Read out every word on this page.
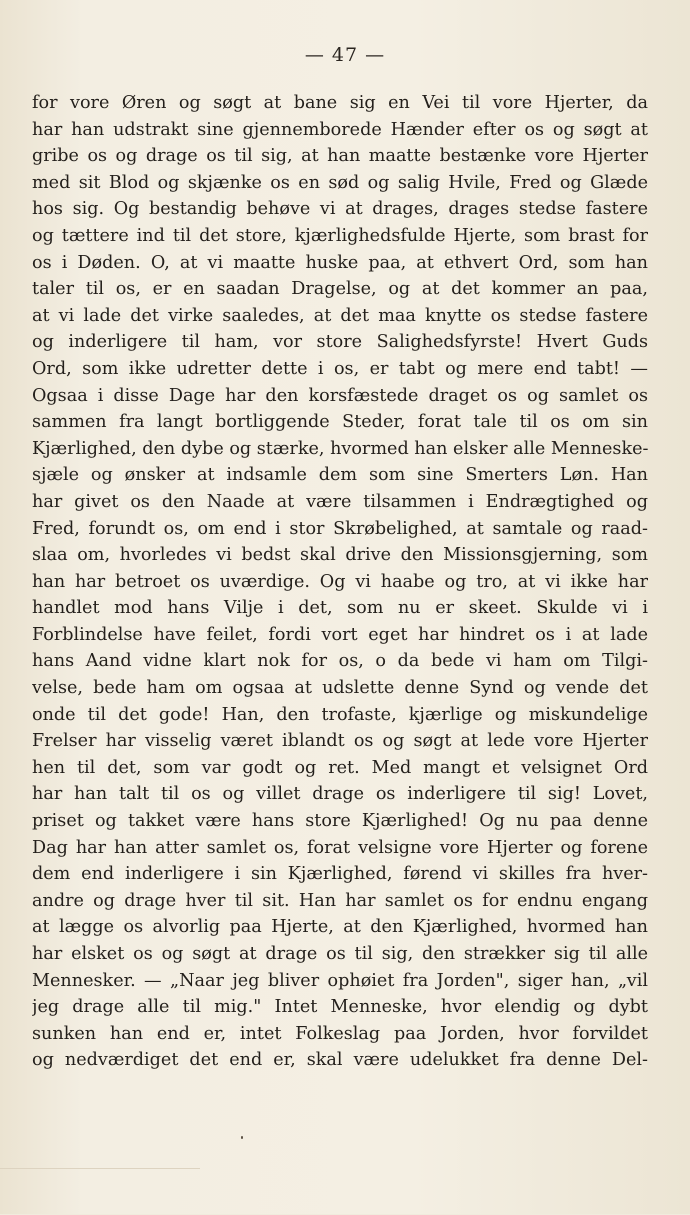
— 47 —
for vore Øren og søgt at bane sig en Vei til vore Hjerter, da
har han udstrakt sine gjennemborede Hænder efter os og søgt at
gribe os og drage os til sig, at han maatte bestænke vore Hjerter
med sit Blod og skjænke os en sød og salig Hvile, Fred og Glæde
hos sig. Og bestandig behøve vi at drages, drages stedse fastere
og tættere ind til det store, kjærlighedsfulde Hjerte, som brast for
os i Døden. O, at vi maatte huske paa, at ethvert Ord, som han
taler til os, er en saadan Dragelse, og at det kommer an paa,
at vi lade det virke saaledes, at det maa knytte os stedse fastere
og inderligere til ham, vor store Salighedsfyrste! Hvert Guds
Ord, som ikke udretter dette i os, er tabt og mere end tabt! —
Ogsaa i disse Dage har den korsfæstede draget os og samlet os
sammen fra langt bortliggende Steder, forat tale til os om sin
Kjærlighed, den dybe og stærke, hvormed han elsker alle Menneske-
sjæle og ønsker at indsamle dem som sine Smerters Løn. Han
har givet os den Naade at være tilsammen i Endrægtighed og
Fred, forundt os, om end i stor Skrøbelighed, at samtale og raad-
slaa om, hvorledes vi bedst skal drive den Missionsgjerning, som
han har betroet os uværdige. Og vi haabe og tro, at vi ikke har
handlet mod hans Vilje i det, som nu er skeet. Skulde vi i
Forblindelse have feilet, fordi vort eget har hindret os i at lade
hans Aand vidne klart nok for os, o da bede vi ham om Tilgi-
velse, bede ham om ogsaa at udslette denne Synd og vende det
onde til det gode! Han, den trofaste, kjærlige og miskundelige
Frelser har visselig været iblandt os og søgt at lede vore Hjerter
hen til det, som var godt og ret. Med mangt et velsignet Ord
har han talt til os og villet drage os inderligere til sig! Lovet,
priset og takket være hans store Kjærlighed! Og nu paa denne
Dag har han atter samlet os, forat velsigne vore Hjerter og forene
dem end inderligere i sin Kjærlighed, førend vi skilles fra hver-
andre og drage hver til sit. Han har samlet os for endnu engang
at lægge os alvorlig paa Hjerte, at den Kjærlighed, hvormed han
har elsket os og søgt at drage os til sig, den strækker sig til alle
Mennesker. — „Naar jeg bliver ophøiet fra Jorden", siger han, „vil
jeg drage alle til mig." Intet Menneske, hvor elendig og dybt
sunken han end er, intet Folkeslag paa Jorden, hvor forvildet
og nedværdiget det end er, skal være udelukket fra denne Del-
